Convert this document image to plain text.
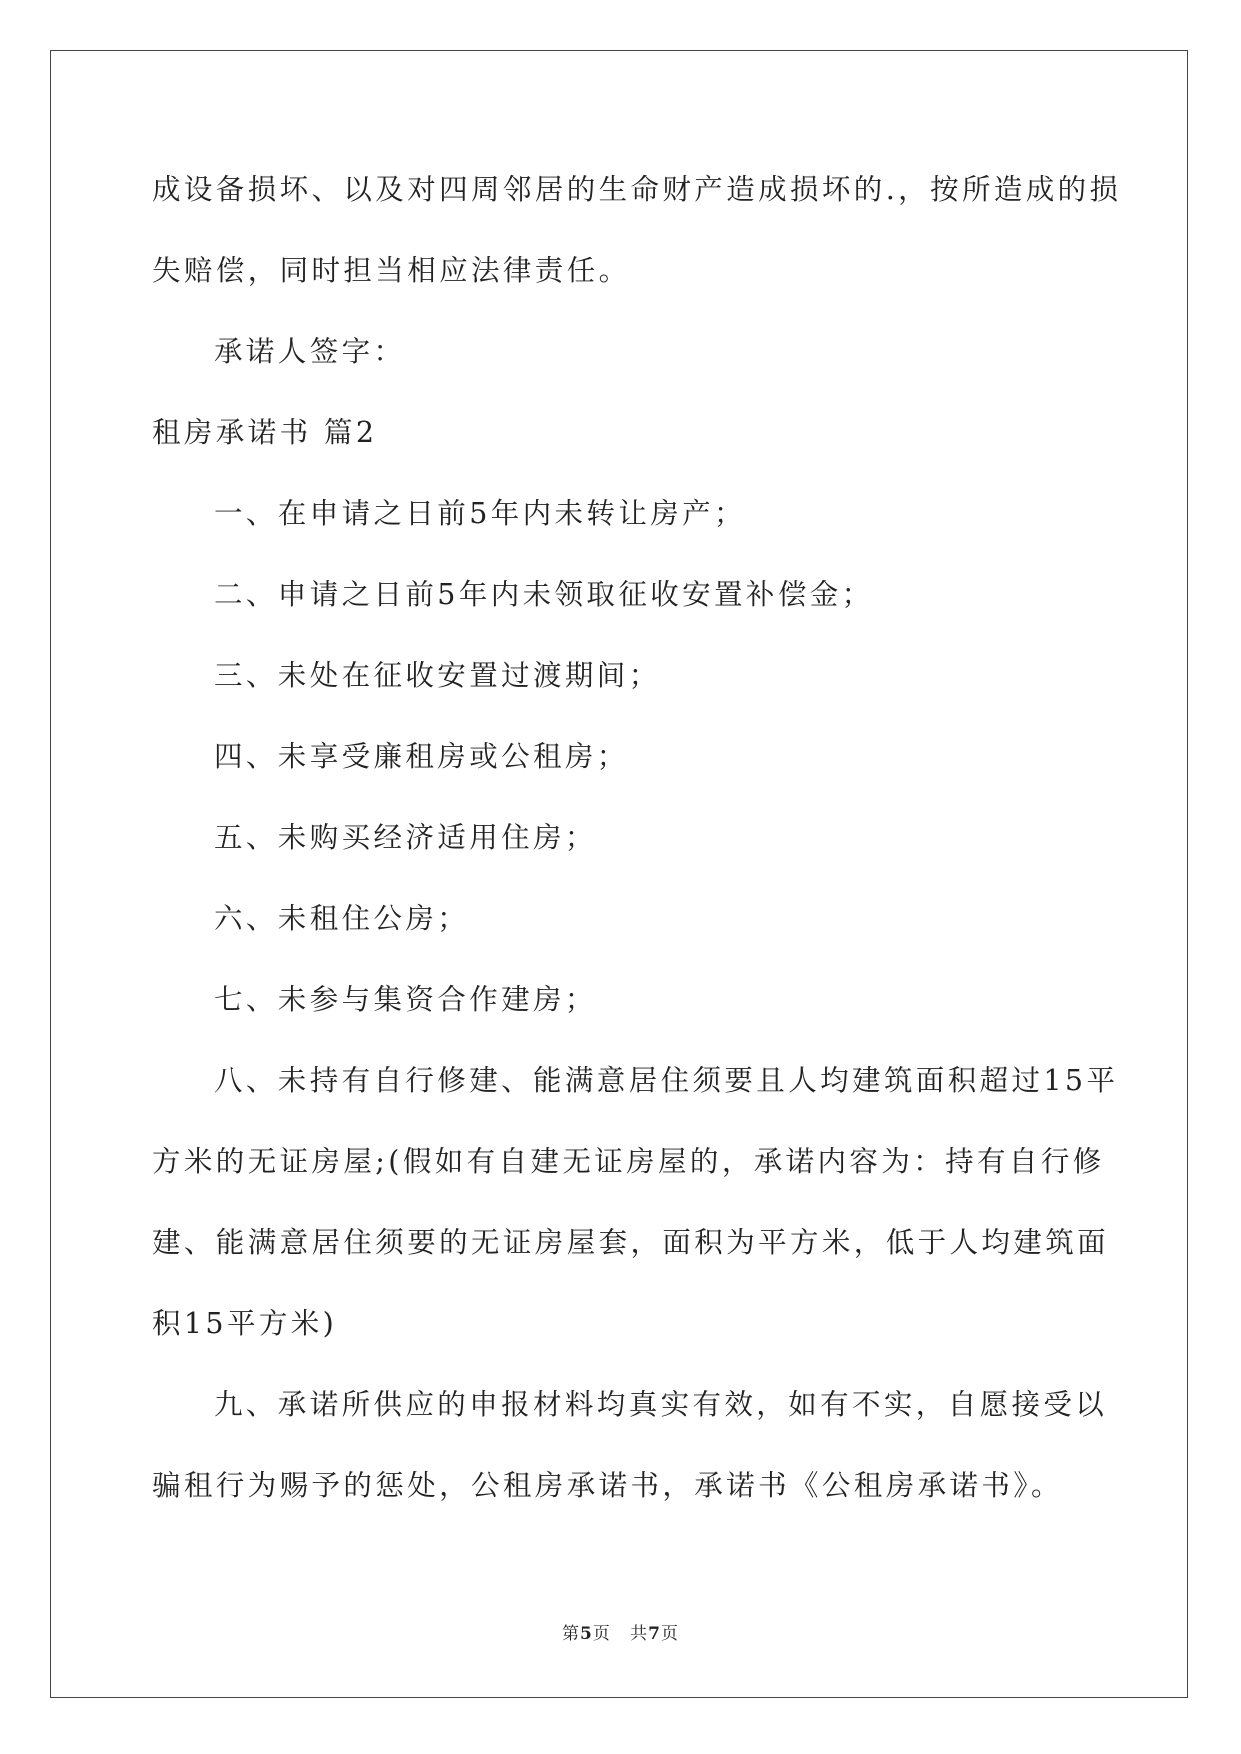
成设备损坏、以及对四周邻居的生命财产造成损坏的.，按所造成的损
失赔偿，同时担当相应法律责任。
承诺人签字：
租房承诺书 篇2
一、在申请之日前5年内未转让房产；
二、申请之日前5年内未领取征收安置补偿金；
三、未处在征收安置过渡期间；
四、未享受廉租房或公租房；
五、未购买经济适用住房；
六、未租住公房；
七、未参与集资合作建房；
八、未持有自行修建、能满意居住须要且人均建筑面积超过15平
方米的无证房屋;(假如有自建无证房屋的，承诺内容为：持有自行修
建、能满意居住须要的无证房屋套，面积为平方米，低于人均建筑面
积15平方米)
九、承诺所供应的申报材料均真实有效，如有不实，自愿接受以
骗租行为赐予的惩处，公租房承诺书，承诺书《公租房承诺书》。
第5页   共7页
